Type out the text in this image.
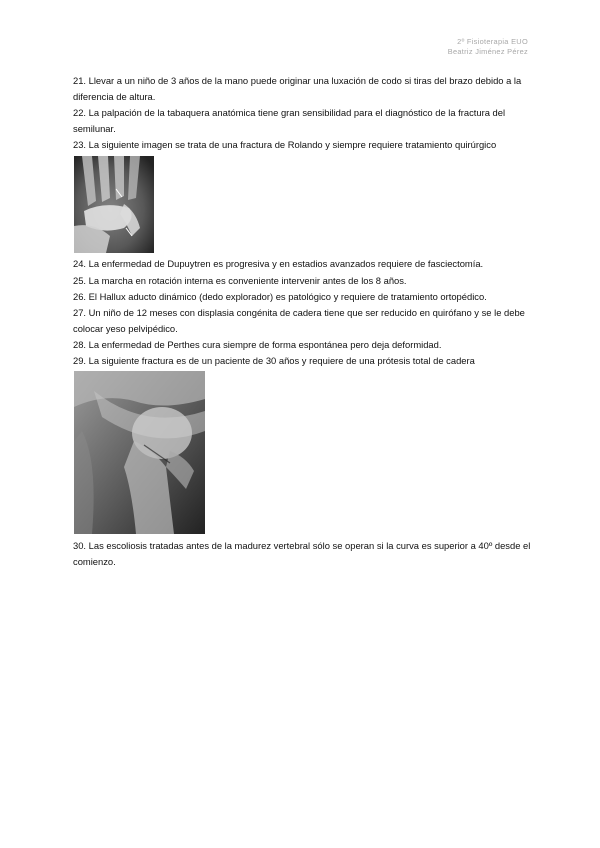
2º Fisioterapia EUO
Beatriz Jiménez Pérez

21. Llevar a un niño de 3 años de la mano puede originar una luxación de codo si tiras del brazo debido a la diferencia de altura.

22. La palpación de la tabaquera anatómica tiene gran sensibilidad para el diagnóstico de la fractura del semilunar.

23. La siguiente imagen se trata de una fractura de Rolando y siempre requiere tratamiento quirúrgico

24. La enfermedad de Dupuytren es progresiva y en estadios avanzados requiere de fasciectomía.

25. La marcha en rotación interna es conveniente intervenir antes de los 8 años.

26. El Hallux aducto dinámico (dedo explorador) es patológico y requiere de tratamiento ortopédico.

27. Un niño de 12 meses con displasia congénita de cadera tiene que ser reducido en quirófano y se le debe colocar yeso pelvipédico.

28. La enfermedad de Perthes cura siempre de forma espontánea pero deja deformidad.

29. La siguiente fractura es de un paciente de 30 años y requiere de una prótesis total de cadera

30. Las escoliosis tratadas antes de la madurez vertebral sólo se operan si la curva es superior a 40º desde el comienzo.
